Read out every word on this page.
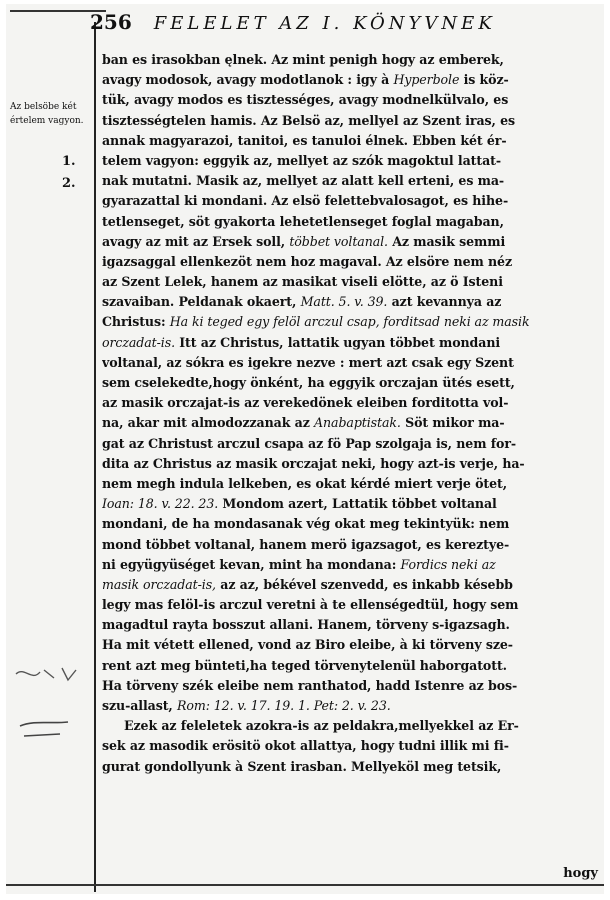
256 FELELET AZ I. KÖNYVNEK
Az belsöbe két értelem vagyon.
1.
2.
ban es irasokban ęlnek. Az mint penigh hogy az emberek,
avagy modosok, avagy modotlanok : igy à Hyperbole is köz-
tük, avagy modos es tisztességes, avagy modnelkülvalo, es
tisztességtelen hamis. Az Belsö az, mellyel az Szent iras, es
annak magyarazoi, tanitoi, es tanuloi élnek. Ebben két ér-
telem vagyon: eggyik az, mellyet az szók magoktul lattat-
nak mutatni. Masik az, mellyet az alatt kell erteni, es ma-
gyarazattal ki mondani. Az elsö felettebvalosagot, es hihe-
tetlenseget, söt gyakorta lehetetlenseget foglal magaban,
avagy az mit az Ersek soll, többet voltanal. Az masik semmi
igazsaggal ellenkezöt nem hoz magaval. Az elsöre nem néz
az Szent Lelek, hanem az masikat viseli elötte, az ö Isteni
szavaiban. Peldanak okaert, Matt. 5. v. 39. azt kevannya az
Christus: Ha ki teged egy felöl arczul csap, forditsad neki az masik
orczadat-is. Itt az Christus, lattatik ugyan többet mondani
voltanal, az sókra es igekre nezve : mert azt csak egy Szent
sem cselekedte,hogy önként, ha eggyik orczajan ütés esett,
az masik orczajat-is az verekedönek eleiben forditotta vol-
na, akar mit almodozzanak az Anabaptistak. Söt mikor ma-
gat az Christust arczul csapa az fö Pap szolgaja is, nem for-
dita az Christus az masik orczajat neki, hogy azt-is verje, ha-
nem megh indula lelkeben, es okat kérdé miert verje ötet,
Ioan: 18. v. 22. 23. Mondom azert, Lattatik többet voltanal
mondani, de ha mondasanak vég okat meg tekintyük: nem
mond többet voltanal, hanem merö igazsagot, es kereztye-
ni együgyüséget kevan, mint ha mondana: Fordics neki az
masik orczadat-is, az az, békével szenvedd, es inkabb késebb
legy mas felöl-is arczul veretni à te ellenségedtül, hogy sem
magadtul rayta bosszut allani. Hanem, törveny s-igazsagh.
Ha mit vétett ellened, vond az Biro eleibe, à ki törveny sze-
rent azt meg bünteti,ha teged törvenytelenül haborgatott.
Ha törveny szék eleibe nem ranthatod, hadd Istenre az bos-
szu-allast, Rom: 12. v. 17. 19. 1. Pet: 2. v. 23.
Ezek az feleletek azokra-is az peldakra,mellyekkel az Er-
sek az masodik erösitö okot allattya, hogy tudni illik mi fi-
gurat gondollyunk à Szent irasban. Mellyeköl meg tetsik,
hogy
